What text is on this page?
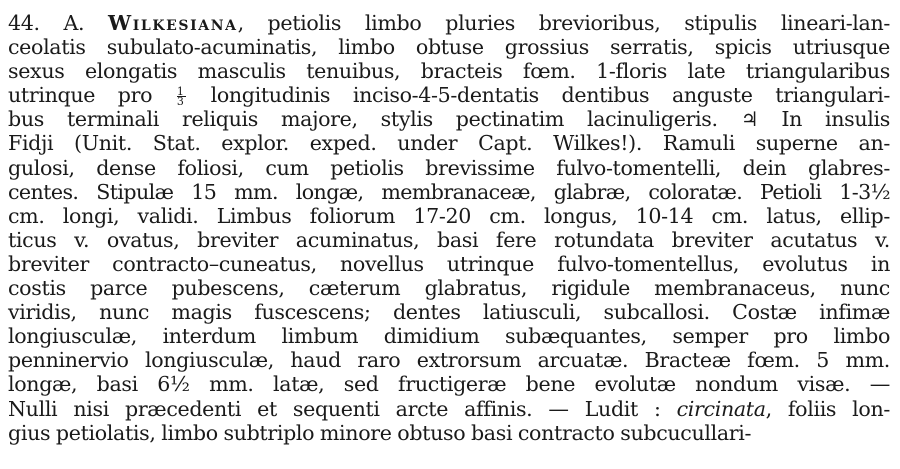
44. A. Wilkesiana, petiolis limbo pluries brevioribus, stipulis lineari-lan-
ceolatis subulato-acuminatis, limbo obtuse grossius serratis, spicis utriusque
sexus elongatis masculis tenuibus, bracteis fœm. 1-floris late triangularibus
utrinque pro $\frac{1}{3}$ longitudinis inciso-4-5-dentatis dentibus anguste triangulari-
bus terminali reliquis majore, stylis pectinatim lacinuligeris. ♃ In insulis
Fidji (Unit. Stat. explor. exped. under Capt. Wilkes!). Ramuli superne an-
gulosi, dense foliosi, cum petiolis brevissime fulvo-tomentelli, dein glabres-
centes. Stipulæ 15 mm. longæ, membranaceæ, glabræ, coloratæ. Petioli 1-3½
cm. longi, validi. Limbus foliorum 17-20 cm. longus, 10-14 cm. latus, ellip-
ticus v. ovatus, breviter acuminatus, basi fere rotundata breviter acutatus v.
breviter contracto–cuneatus, novellus utrinque fulvo-tomentellus, evolutus in
costis parce pubescens, cæterum glabratus, rigidule membranaceus, nunc
viridis, nunc magis fuscescens; dentes latiusculi, subcallosi. Costæ infimæ
longiusculæ, interdum limbum dimidium subæquantes, semper pro limbo
penninervio longiusculæ, haud raro extrorsum arcuatæ. Bracteæ fœm. 5 mm.
longæ, basi 6½ mm. latæ, sed fructigeræ bene evolutæ nondum visæ. —
Nulli nisi præcedenti et sequenti arcte affinis. — Ludit : circinata, foliis lon-
gius petiolatis, limbo subtriplo minore obtuso basi contracto subcucullari-
